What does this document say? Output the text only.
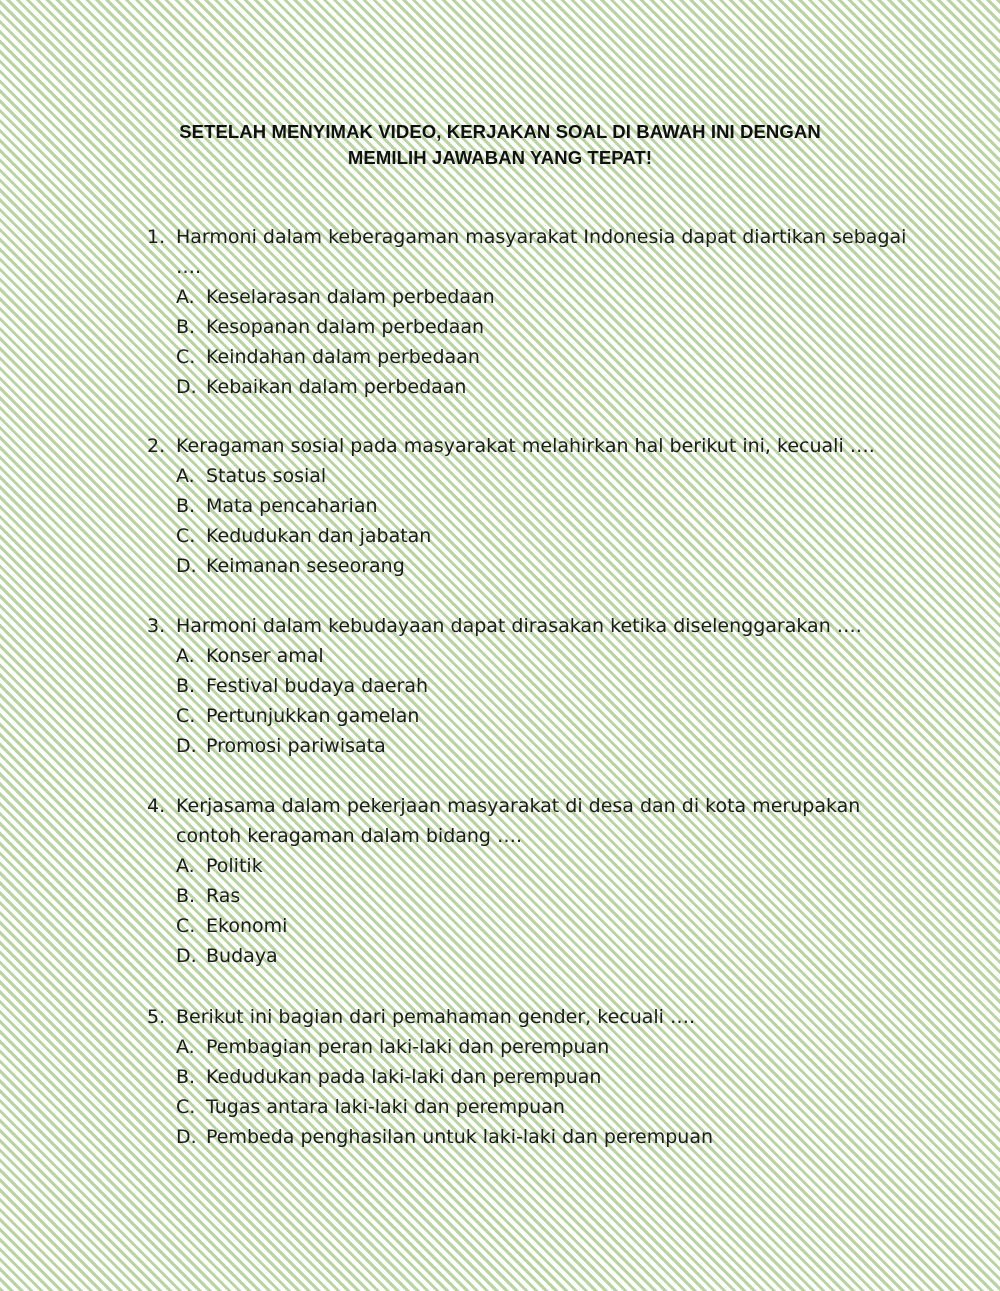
SETELAH MENYIMAK VIDEO, KERJAKAN SOAL DI BAWAH INI DENGAN
MEMILIH JAWABAN YANG TEPAT!
1. Harmoni dalam keberagaman masyarakat Indonesia dapat diartikan sebagai ….
A. Keselarasan dalam perbedaan
B. Kesopanan dalam perbedaan
C. Keindahan dalam perbedaan
D. Kebaikan dalam perbedaan
2. Keragaman sosial pada masyarakat melahirkan hal berikut ini, kecuali ….
A. Status sosial
B. Mata pencaharian
C. Kedudukan dan jabatan
D. Keimanan seseorang
3. Harmoni dalam kebudayaan dapat dirasakan ketika diselenggarakan ….
A. Konser amal
B. Festival budaya daerah
C. Pertunjukkan gamelan
D. Promosi pariwisata
4. Kerjasama dalam pekerjaan masyarakat di desa dan di kota merupakan contoh keragaman dalam bidang ….
A. Politik
B. Ras
C. Ekonomi
D. Budaya
5. Berikut ini bagian dari pemahaman gender, kecuali ….
A. Pembagian peran laki-laki dan perempuan
B. Kedudukan pada laki-laki dan perempuan
C. Tugas antara laki-laki dan perempuan
D. Pembeda penghasilan untuk laki-laki dan perempuan
